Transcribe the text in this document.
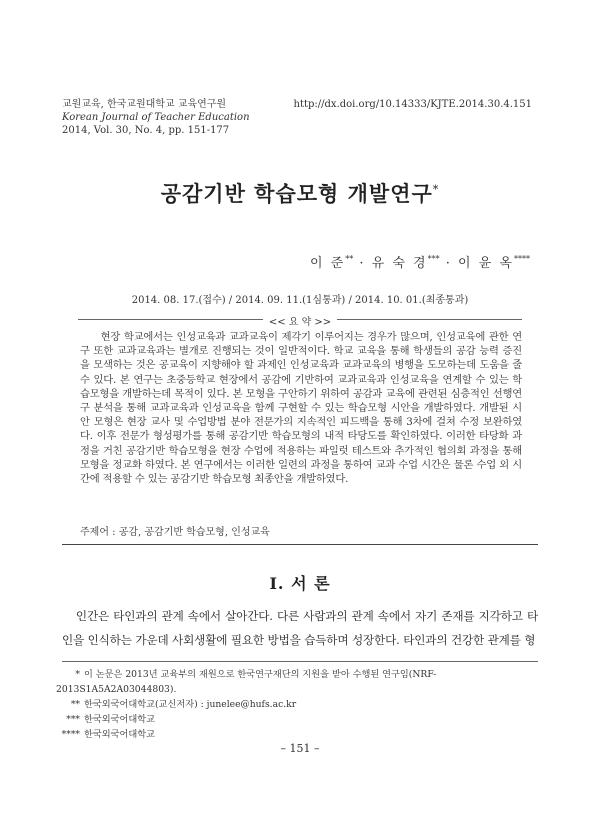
교원교육, 한국교원대학교 교육연구원
Korean Journal of Teacher Education
2014, Vol. 30, No. 4, pp. 151-177
http://dx.doi.org/10.14333/KJTE.2014.30.4.151
공감기반 학습모형 개발연구*
이 준** · 유 숙 경*** · 이 윤 옥****
2014. 08. 17.(접수) / 2014. 09. 11.(1심통과) / 2014. 10. 01.(최종통과)
<< 요 약 >>
현장 학교에서는 인성교육과 교과교육이 제각기 이루어지는 경우가 많으며, 인성교육에 관한 연구 또한 교과교육과는 별개로 진행되는 것이 일반적이다. 학교 교육을 통해 학생들의 공감 능력 증진을 모색하는 것은 공교육이 지향해야 할 과제인 인성교육과 교과교육의 병행을 도모하는데 도움을 줄 수 있다. 본 연구는 초중등학교 현장에서 공감에 기반하여 교과교육과 인성교육을 연계할 수 있는 학습모형을 개발하는데 목적이 있다. 본 모형을 구안하기 위하여 공감과 교육에 관련된 심층적인 선행연구 분석을 통해 교과교육과 인성교육을 함께 구현할 수 있는 학습모형 시안을 개발하였다. 개발된 시안 모형은 현장 교사 및 수업방법 분야 전문가의 지속적인 피드백을 통해 3차에 걸쳐 수정 보완하였다. 이후 전문가 형성평가를 통해 공감기반 학습모형의 내적 타당도를 확인하였다. 이러한 타당화 과정을 거친 공감기반 학습모형을 현장 수업에 적용하는 파일럿 테스트와 추가적인 협의회 과정을 통해 모형을 정교화 하였다. 본 연구에서는 이러한 일련의 과정을 통하여 교과 수업 시간은 물론 수업 외 시간에 적용할 수 있는 공감기반 학습모형 최종안을 개발하였다.
주제어 : 공감, 공감기반 학습모형, 인성교육
Ⅰ. 서 론
인간은 타인과의 관계 속에서 살아간다. 다른 사람과의 관계 속에서 자기 존재를 지각하고 타인을 인식하는 가운데 사회생활에 필요한 방법을 습득하며 성장한다. 타인과의 건강한 관계를 형
* 이 논문은 2013년 교육부의 재원으로 한국연구재단의 지원을 받아 수행된 연구임(NRF-2013S1A5A2A03044803).
** 한국외국어대학교(교신저자) : junelee@hufs.ac.kr
*** 한국외국어대학교
**** 한국외국어대학교
– 151 –
